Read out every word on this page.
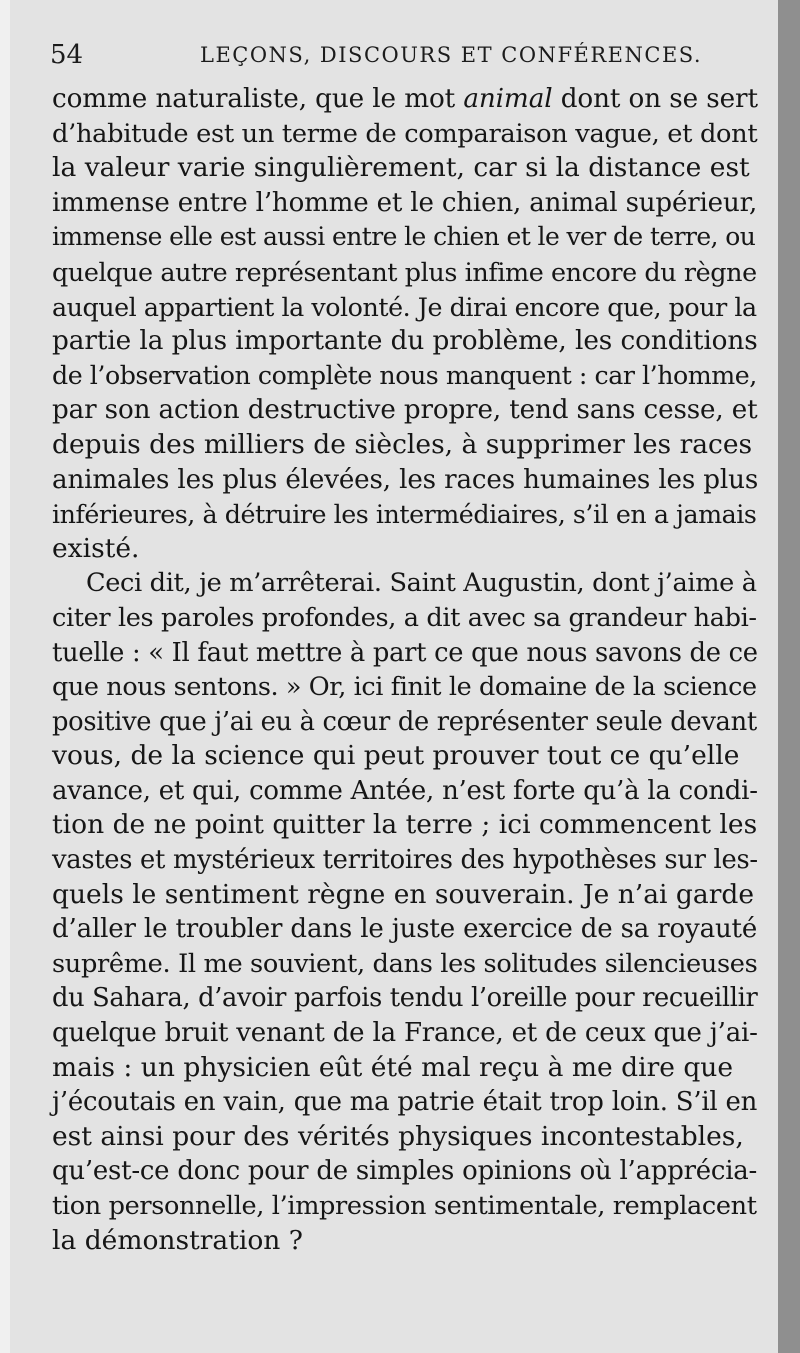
54	LEÇONS, DISCOURS ET CONFÉRENCES.
comme naturaliste, que le mot animal dont on se sert
d’habitude est un terme de comparaison vague, et dont
la valeur varie singulièrement, car si la distance est
immense entre l’homme et le chien, animal supérieur,
immense elle est aussi entre le chien et le ver de terre, ou
quelque autre représentant plus infime encore du règne
auquel appartient la volonté. Je dirai encore que, pour la
partie la plus importante du problème, les conditions
de l’observation complète nous manquent : car l’homme,
par son action destructive propre, tend sans cesse, et
depuis des milliers de siècles, à supprimer les races
animales les plus élevées, les races humaines les plus
inférieures, à détruire les intermédiaires, s’il en a jamais
existé.
Ceci dit, je m’arrêterai. Saint Augustin, dont j’aime à
citer les paroles profondes, a dit avec sa grandeur habi-
tuelle : « Il faut mettre à part ce que nous savons de ce
que nous sentons. » Or, ici finit le domaine de la science
positive que j’ai eu à cœur de représenter seule devant
vous, de la science qui peut prouver tout ce qu’elle
avance, et qui, comme Antée, n’est forte qu’à la condi-
tion de ne point quitter la terre ; ici commencent les
vastes et mystérieux territoires des hypothèses sur les-
quels le sentiment règne en souverain. Je n’ai garde
d’aller le troubler dans le juste exercice de sa royauté
suprême. Il me souvient, dans les solitudes silencieuses
du Sahara, d’avoir parfois tendu l’oreille pour recueillir
quelque bruit venant de la France, et de ceux que j’ai-
mais : un physicien eût été mal reçu à me dire que
j’écoutais en vain, que ma patrie était trop loin. S’il en
est ainsi pour des vérités physiques incontestables,
qu’est-ce donc pour de simples opinions où l’apprécia-
tion personnelle, l’impression sentimentale, remplacent
la démonstration ?
